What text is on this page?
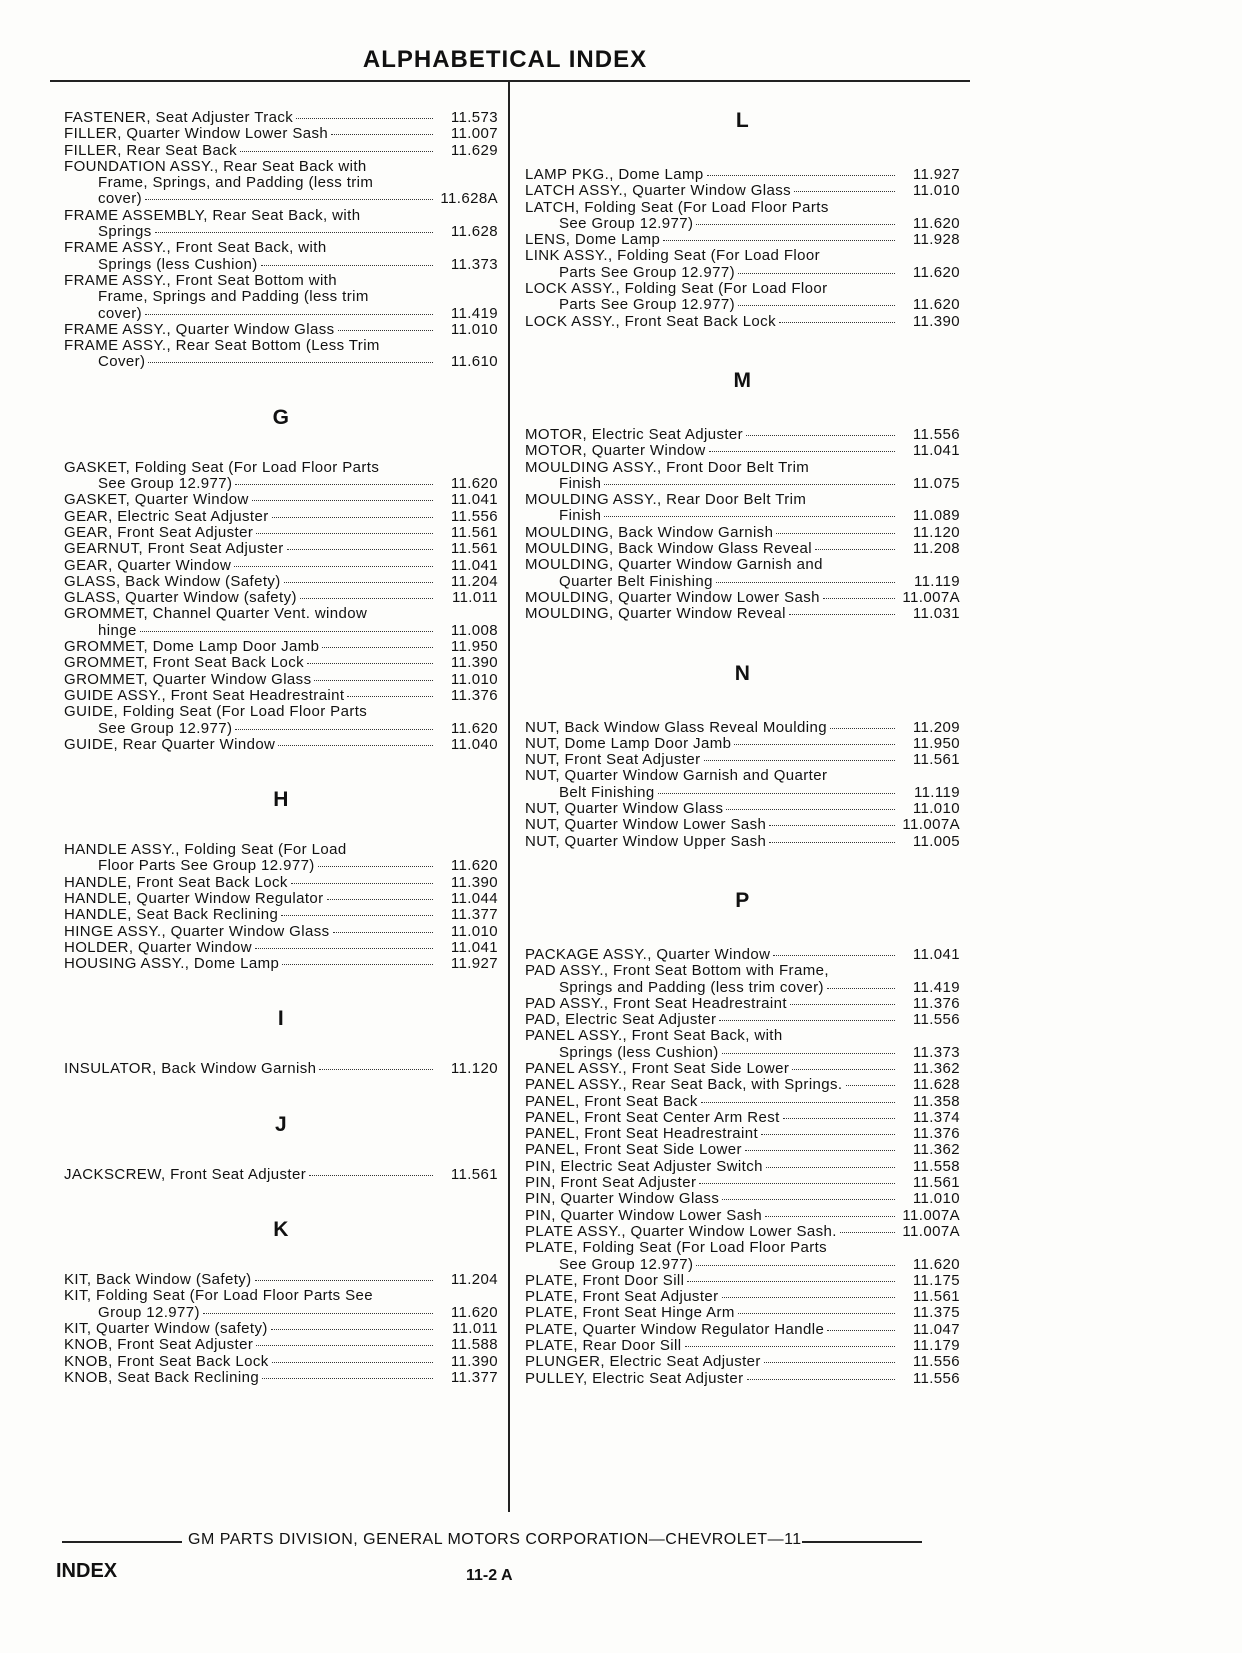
ALPHABETICAL INDEX
FASTENER, Seat Adjuster Track	11.573
FILLER, Quarter Window Lower Sash	11.007
FILLER, Rear Seat Back	11.629
FOUNDATION ASSY., Rear Seat Back with
Frame, Springs, and Padding (less trim
cover)	11.628A
FRAME ASSEMBLY, Rear Seat Back, with
Springs	11.628
FRAME ASSY., Front Seat Back, with
Springs (less Cushion)	11.373
FRAME ASSY., Front Seat Bottom with
Frame, Springs and Padding (less trim
cover)	11.419
FRAME ASSY., Quarter Window Glass	11.010
FRAME ASSY., Rear Seat Bottom (Less Trim
Cover)	11.610
G
GASKET, Folding Seat (For Load Floor Parts
See Group 12.977)	11.620
GASKET, Quarter Window	11.041
GEAR, Electric Seat Adjuster	11.556
GEAR, Front Seat Adjuster	11.561
GEARNUT, Front Seat Adjuster	11.561
GEAR, Quarter Window	11.041
GLASS, Back Window (Safety)	11.204
GLASS, Quarter Window (safety)	11.011
GROMMET, Channel Quarter Vent. window
hinge	11.008
GROMMET, Dome Lamp Door Jamb	11.950
GROMMET, Front Seat Back Lock	11.390
GROMMET, Quarter Window Glass	11.010
GUIDE ASSY., Front Seat Headrestraint	11.376
GUIDE, Folding Seat (For Load Floor Parts
See Group 12.977)	11.620
GUIDE, Rear Quarter Window	11.040
H
HANDLE ASSY., Folding Seat (For Load
Floor Parts See Group 12.977)	11.620
HANDLE, Front Seat Back Lock	11.390
HANDLE, Quarter Window Regulator	11.044
HANDLE, Seat Back Reclining	11.377
HINGE ASSY., Quarter Window Glass	11.010
HOLDER, Quarter Window	11.041
HOUSING ASSY., Dome Lamp	11.927
I
INSULATOR, Back Window Garnish	11.120
J
JACKSCREW, Front Seat Adjuster	11.561
K
KIT, Back Window (Safety)	11.204
KIT, Folding Seat (For Load Floor Parts See
Group 12.977)	11.620
KIT, Quarter Window (safety)	11.011
KNOB, Front Seat Adjuster	11.588
KNOB, Front Seat Back Lock	11.390
KNOB, Seat Back Reclining	11.377
L
LAMP PKG., Dome Lamp	11.927
LATCH ASSY., Quarter Window Glass	11.010
LATCH, Folding Seat (For Load Floor Parts
See Group 12.977)	11.620
LENS, Dome Lamp	11.928
LINK ASSY., Folding Seat (For Load Floor
Parts See Group 12.977)	11.620
LOCK ASSY., Folding Seat (For Load Floor
Parts See Group 12.977)	11.620
LOCK ASSY., Front Seat Back Lock	11.390
M
MOTOR, Electric Seat Adjuster	11.556
MOTOR, Quarter Window	11.041
MOULDING ASSY., Front Door Belt Trim
Finish	11.075
MOULDING ASSY., Rear Door Belt Trim
Finish	11.089
MOULDING, Back Window Garnish	11.120
MOULDING, Back Window Glass Reveal	11.208
MOULDING, Quarter Window Garnish and
Quarter Belt Finishing	11.119
MOULDING, Quarter Window Lower Sash	11.007A
MOULDING, Quarter Window Reveal	11.031
N
NUT, Back Window Glass Reveal Moulding	11.209
NUT, Dome Lamp Door Jamb	11.950
NUT, Front Seat Adjuster	11.561
NUT, Quarter Window Garnish and Quarter
Belt Finishing	11.119
NUT, Quarter Window Glass	11.010
NUT, Quarter Window Lower Sash	11.007A
NUT, Quarter Window Upper Sash	11.005
P
PACKAGE ASSY., Quarter Window	11.041
PAD ASSY., Front Seat Bottom with Frame,
Springs and Padding (less trim cover)	11.419
PAD ASSY., Front Seat Headrestraint	11.376
PAD, Electric Seat Adjuster	11.556
PANEL ASSY., Front Seat Back, with
Springs (less Cushion)	11.373
PANEL ASSY., Front Seat Side Lower	11.362
PANEL ASSY., Rear Seat Back, with Springs.	11.628
PANEL, Front Seat Back	11.358
PANEL, Front Seat Center Arm Rest	11.374
PANEL, Front Seat Headrestraint	11.376
PANEL, Front Seat Side Lower	11.362
PIN, Electric Seat Adjuster Switch	11.558
PIN, Front Seat Adjuster	11.561
PIN, Quarter Window Glass	11.010
PIN, Quarter Window Lower Sash	11.007A
PLATE ASSY., Quarter Window Lower Sash.	11.007A
PLATE, Folding Seat (For Load Floor Parts
See Group 12.977)	11.620
PLATE, Front Door Sill	11.175
PLATE, Front Seat Adjuster	11.561
PLATE, Front Seat Hinge Arm	11.375
PLATE, Quarter Window Regulator Handle	11.047
PLATE, Rear Door Sill	11.179
PLUNGER, Electric Seat Adjuster	11.556
PULLEY, Electric Seat Adjuster	11.556
GM PARTS DIVISION, GENERAL MOTORS CORPORATION—CHEVROLET—11
INDEX	11-2 A
